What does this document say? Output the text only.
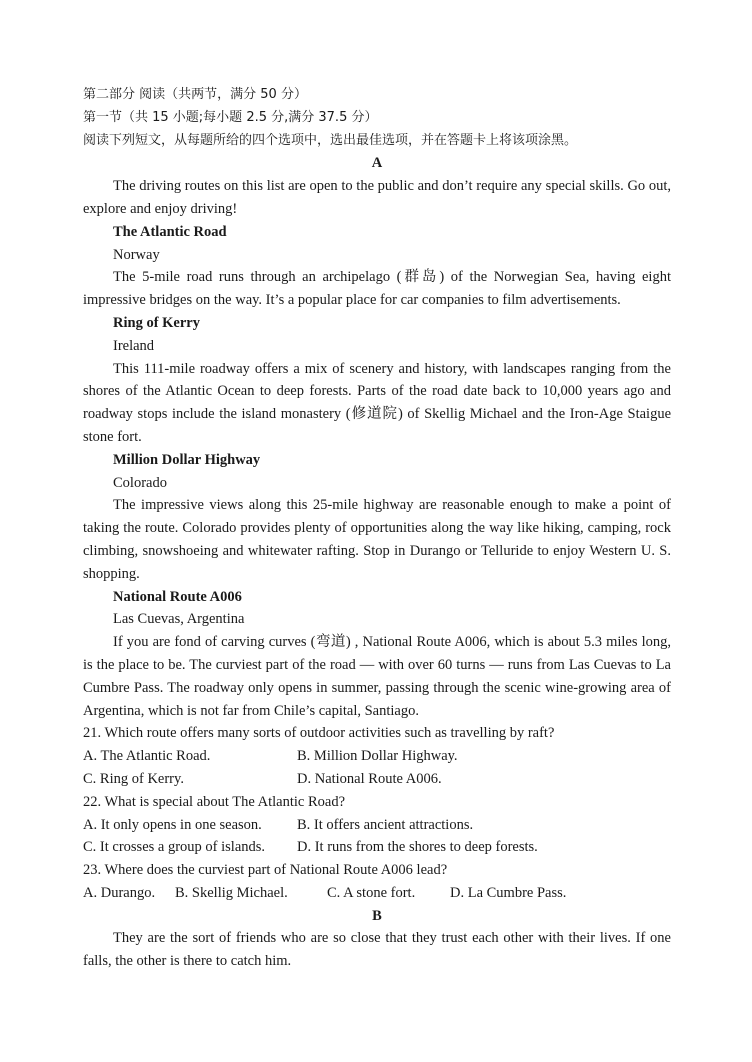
第二部分 阅读（共两节，满分 50 分）
第一节（共 15 小题;每小题 2.5 分,满分 37.5 分）
阅读下列短文，从每题所给的四个选项中，选出最佳选项，并在答题卡上将该项涂黑。
A
The driving routes on this list are open to the public and don’t require any special skills. Go out, explore and enjoy driving!
The Atlantic Road
Norway
The 5-mile road runs through an archipelago (群岛) of the Norwegian Sea, having eight impressive bridges on the way. It’s a popular place for car companies to film advertisements.
Ring of Kerry
Ireland
This 111-mile roadway offers a mix of scenery and history, with landscapes ranging from the shores of the Atlantic Ocean to deep forests. Parts of the road date back to 10,000 years ago and roadway stops include the island monastery (修道院) of Skellig Michael and the Iron-Age Staigue stone fort.
Million Dollar Highway
Colorado
The impressive views along this 25-mile highway are reasonable enough to make a point of taking the route. Colorado provides plenty of opportunities along the way like hiking, camping, rock climbing, snowshoeing and whitewater rafting. Stop in Durango or Telluride to enjoy Western U. S. shopping.
National Route A006
Las Cuevas, Argentina
If you are fond of carving curves (弯道) , National Route A006, which is about 5.3 miles long, is the place to be. The curviest part of the road — with over 60 turns — runs from Las Cuevas to La Cumbre Pass. The roadway only opens in summer, passing through the scenic wine-growing area of Argentina, which is not far from Chile’s capital, Santiago.
21. Which route offers many sorts of outdoor activities such as travelling by raft?
A. The Atlantic Road.	B. Million Dollar Highway.
C. Ring of Kerry.	D. National Route A006.
22. What is special about The Atlantic Road?
A. It only opens in one season. B. It offers ancient attractions.
C. It crosses a group of islands. D. It runs from the shores to deep forests.
23. Where does the curviest part of National Route A006 lead?
A. Durango. B. Skellig Michael.	C. A stone fort. D. La Cumbre Pass.
B
They are the sort of friends who are so close that they trust each other with their lives. If one falls, the other is there to catch him.
